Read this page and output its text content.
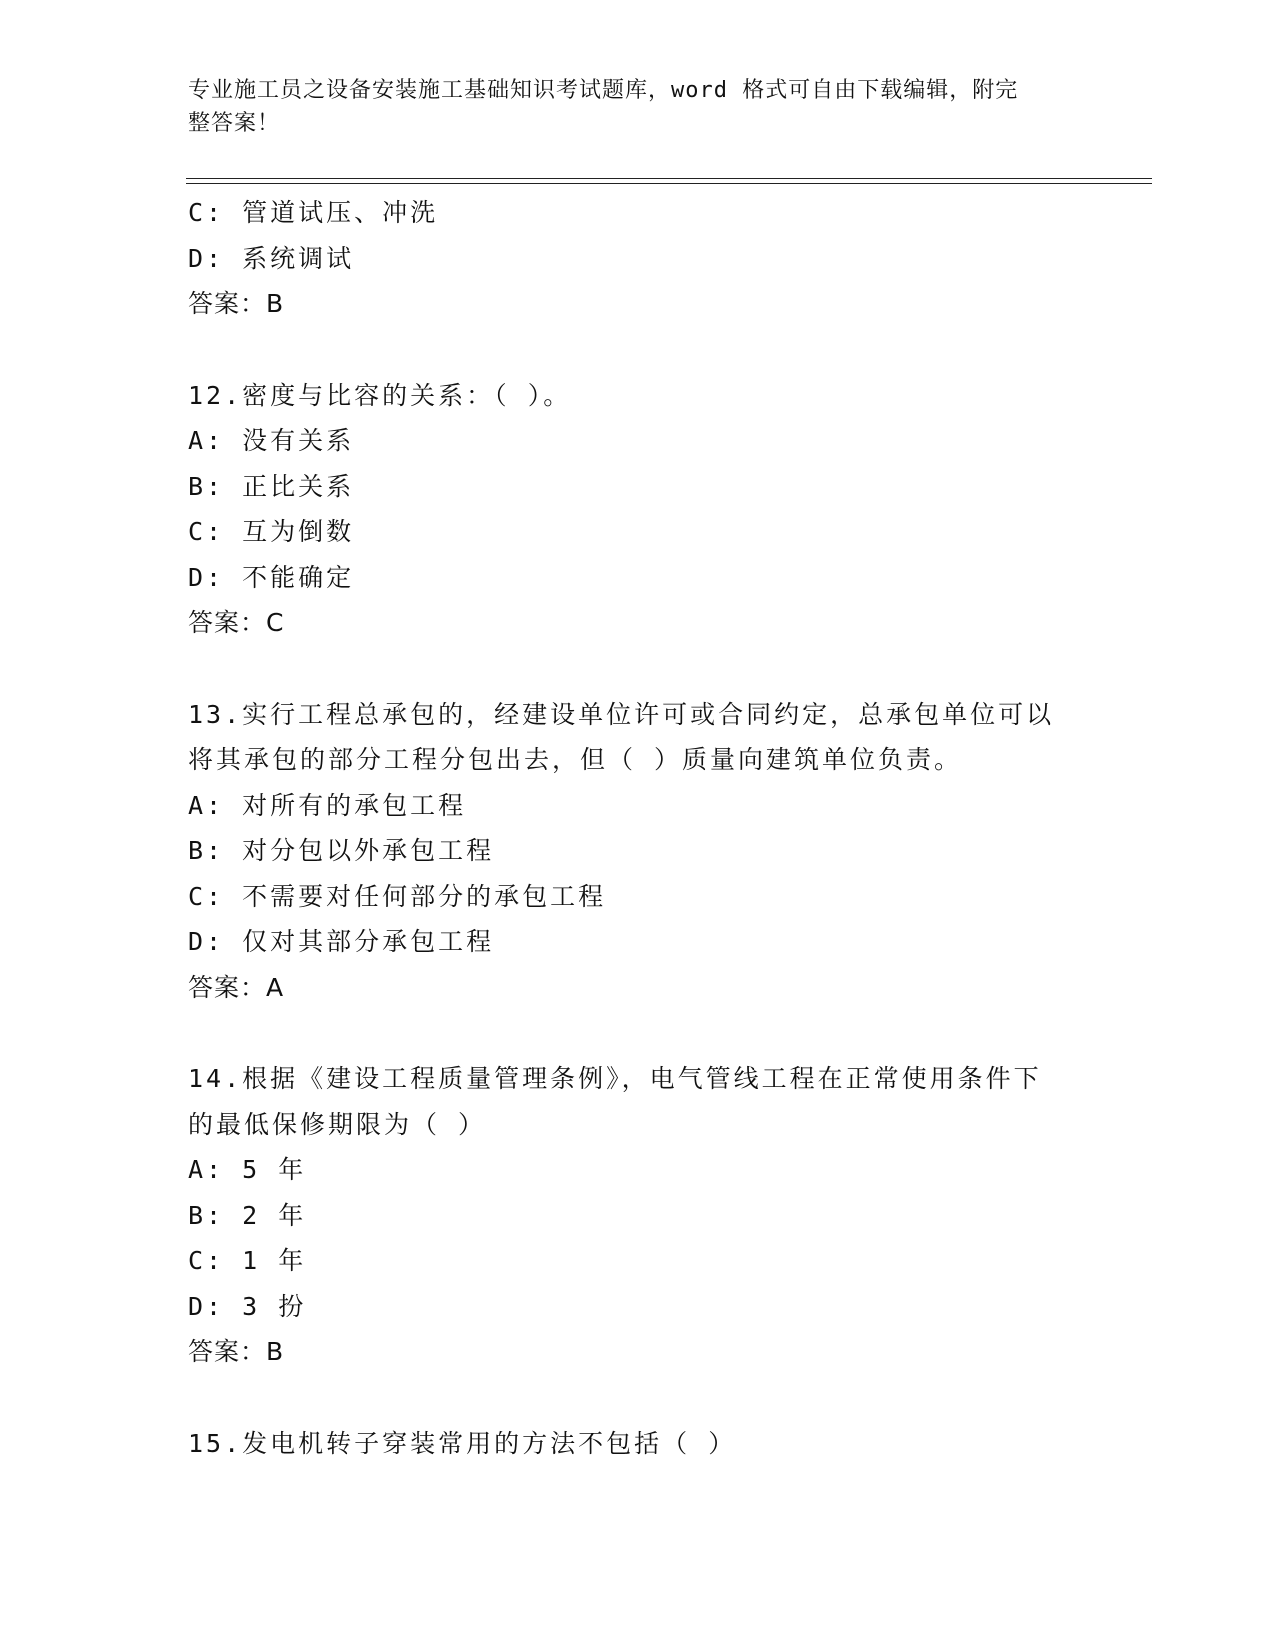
专业施工员之设备安装施工基础知识考试题库，word 格式可自由下载编辑，附完
整答案！
C: 管道试压、冲洗
D: 系统调试
答案：B
12.密度与比容的关系：（ ）。
A: 没有关系
B: 正比关系
C: 互为倒数
D: 不能确定
答案：C
13.实行工程总承包的，经建设单位许可或合同约定，总承包单位可以
将其承包的部分工程分包出去，但（ ）质量向建筑单位负责。
A: 对所有的承包工程
B: 对分包以外承包工程
C: 不需要对任何部分的承包工程
D: 仅对其部分承包工程
答案：A
14.根据《建设工程质量管理条例》，电气管线工程在正常使用条件下
的最低保修期限为（ ）
A: 5 年
B: 2 年
C: 1 年
D: 3 扮
答案：B
15.发电机转子穿装常用的方法不包括（ ）
